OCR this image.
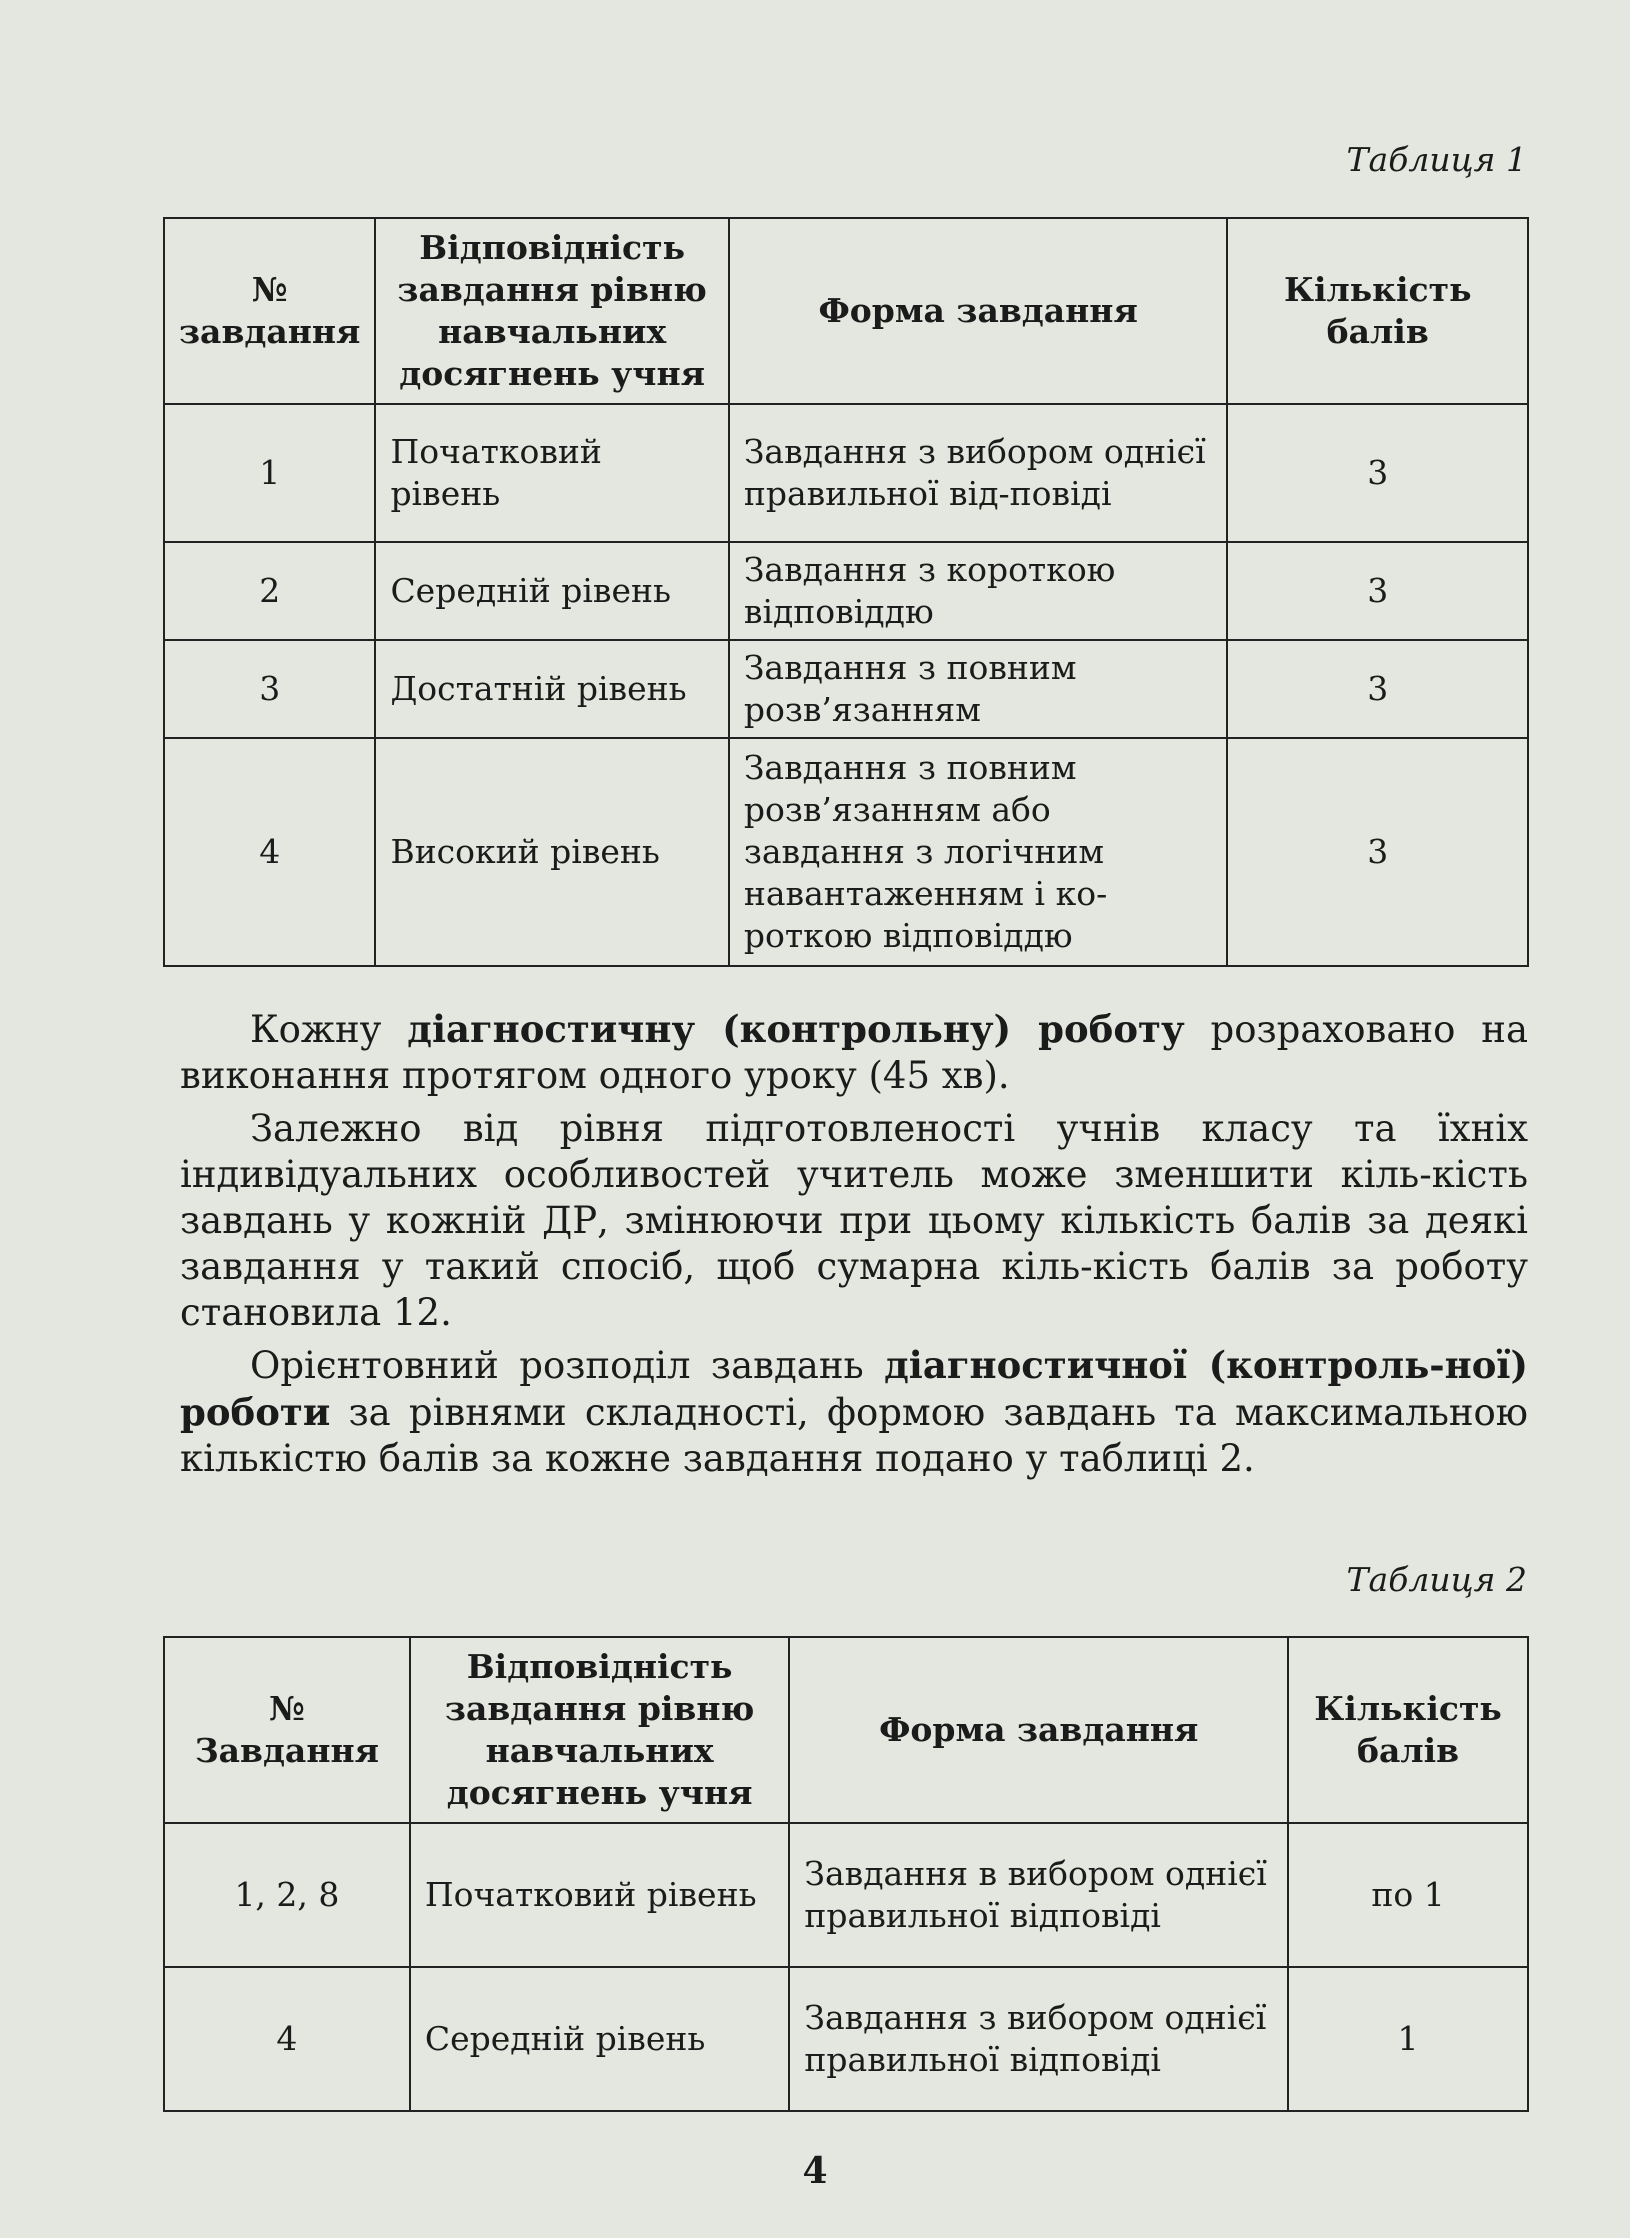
Таблиця 1
№ завдання	Відповідність завдання рівню навчальних досягнень учня	Форма завдання	Кількість балів
1	Початковий рівень	Завдання з вибором однієї правильної від-повіді	3
2	Середній рівень	Завдання з короткою відповіддю	3
3	Достатній рівень	Завдання з повним розв’язанням	3
4	Високий рівень	Завдання з повним розв’язанням або завдання з логічним навантаженням і ко-роткою відповіддю	3

Кожну діагностичну (контрольну) роботу розраховано на виконання протягом одного уроку (45 хв).

Залежно від рівня підготовленості учнів класу та їхніх індивідуальних особливостей учитель може зменшити кіль-кість завдань у кожній ДР, змінюючи при цьому кількість балів за деякі завдання у такий спосіб, щоб сумарна кіль-кість балів за роботу становила 12.

Орієнтовний розподіл завдань діагностичної (контроль-ної) роботи за рівнями складності, формою завдань та максимальною кількістю балів за кожне завдання подано у таблиці 2.

Таблиця 2
№ Завдання	Відповідність завдання рівню навчальних досягнень учня	Форма завдання	Кількість балів
1, 2, 8	Початковий рівень	Завдання в вибором однієї правильної відповіді	по 1
4	Середній рівень	Завдання з вибором однієї правильної відповіді	1
4
